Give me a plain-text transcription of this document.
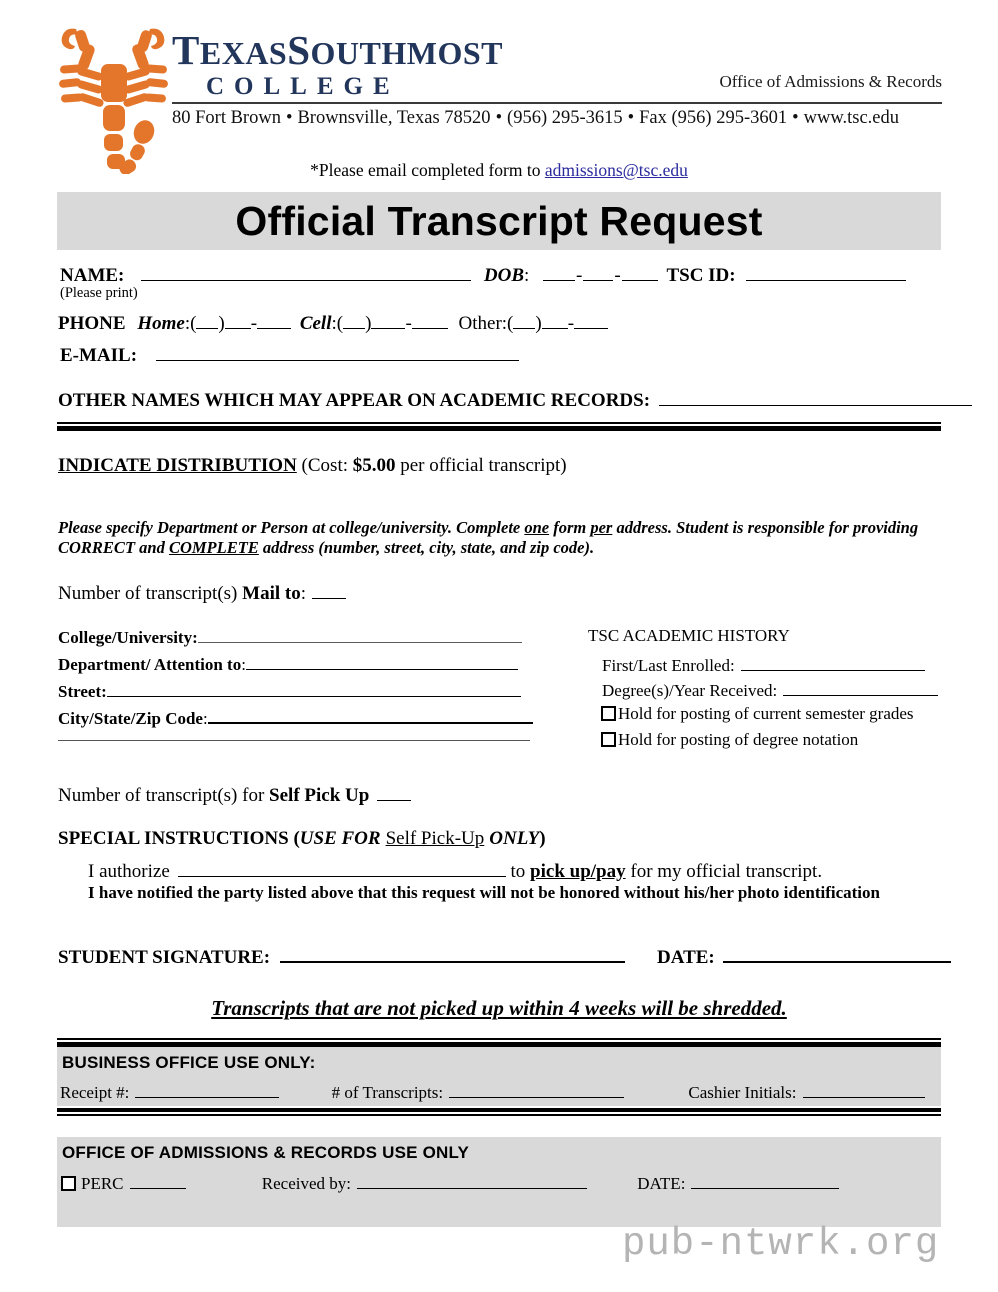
TEXASSOUTHMOST
COLLEGE	Office of Admissions & Records
80 Fort Brown • Brownsville, Texas 78520 • (956) 295-3615 • Fax (956) 295-3601 • www.tsc.edu
*Please email completed form to admissions@tsc.edu
Official Transcript Request
NAME:	DOB: - - TSC ID:
(Please print)
PHONE Home:( ) - Cell:( ) - Other:( ) -
E-MAIL:
OTHER NAMES WHICH MAY APPEAR ON ACADEMIC RECORDS:
INDICATE DISTRIBUTION (Cost: $5.00 per official transcript)
Please specify Department or Person at college/university. Complete one form per address. Student is responsible for providing CORRECT and COMPLETE address (number, street, city, state, and zip code).
Number of transcript(s) Mail to:
College/University:
Department/ Attention to:
Street:
City/State/Zip Code:
TSC ACADEMIC HISTORY
First/Last Enrolled:
Degree(s)/Year Received:
Hold for posting of current semester grades
Hold for posting of degree notation
Number of transcript(s) for Self Pick Up
SPECIAL INSTRUCTIONS (USE FOR Self Pick-Up ONLY)
I authorize	to pick up/pay for my official transcript.
I have notified the party listed above that this request will not be honored without his/her photo identification
STUDENT SIGNATURE:	DATE:
Transcripts that are not picked up within 4 weeks will be shredded.
BUSINESS OFFICE USE ONLY:
Receipt #:	# of Transcripts:	Cashier Initials:
OFFICE OF ADMISSIONS & RECORDS USE ONLY
PERC	Received by:	DATE:
pub-ntwrk.org
